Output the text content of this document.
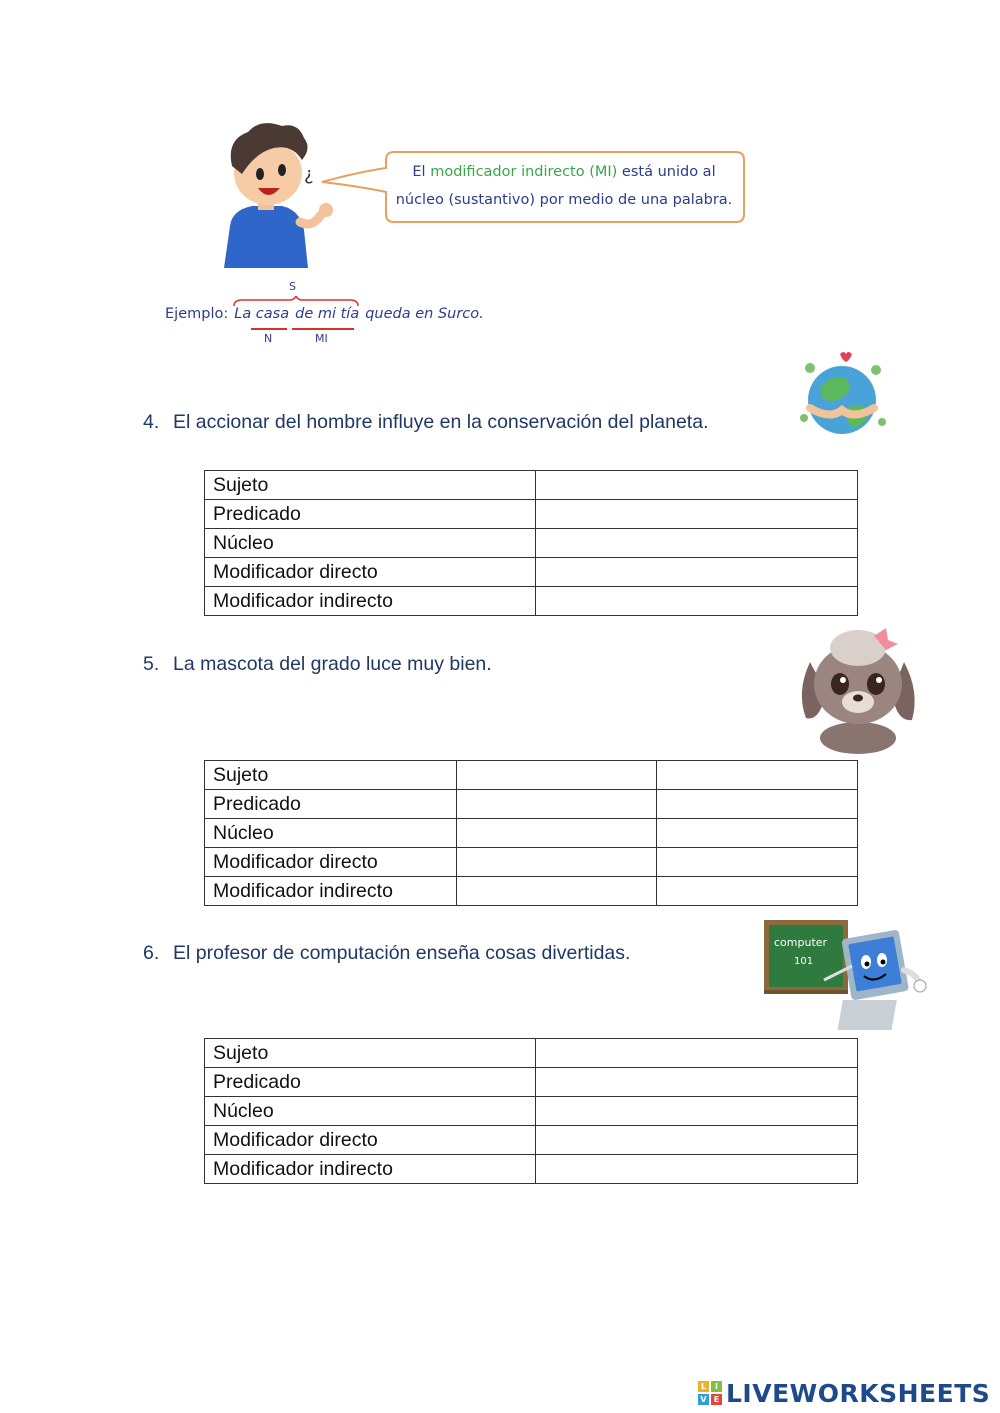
¿	El modificador indirecto (MI) está unido al
núcleo (sustantivo) por medio de una palabra.
S
Ejemplo: La casa de mi tía queda en Surco.
N	MI
4. El accionar del hombre influye en la conservación del planeta.
Sujeto	
Predicado	
Núcleo	
Modificador directo	
Modificador indirecto	
5. La mascota del grado luce muy bien.
Sujeto		
Predicado		
Núcleo		
Modificador directo		
Modificador indirecto		
6. El profesor de computación enseña cosas divertidas.	computer
101
Sujeto	
Predicado	
Núcleo	
Modificador directo	
Modificador indirecto	
L	I
V E LIVEWORKSHEETS
